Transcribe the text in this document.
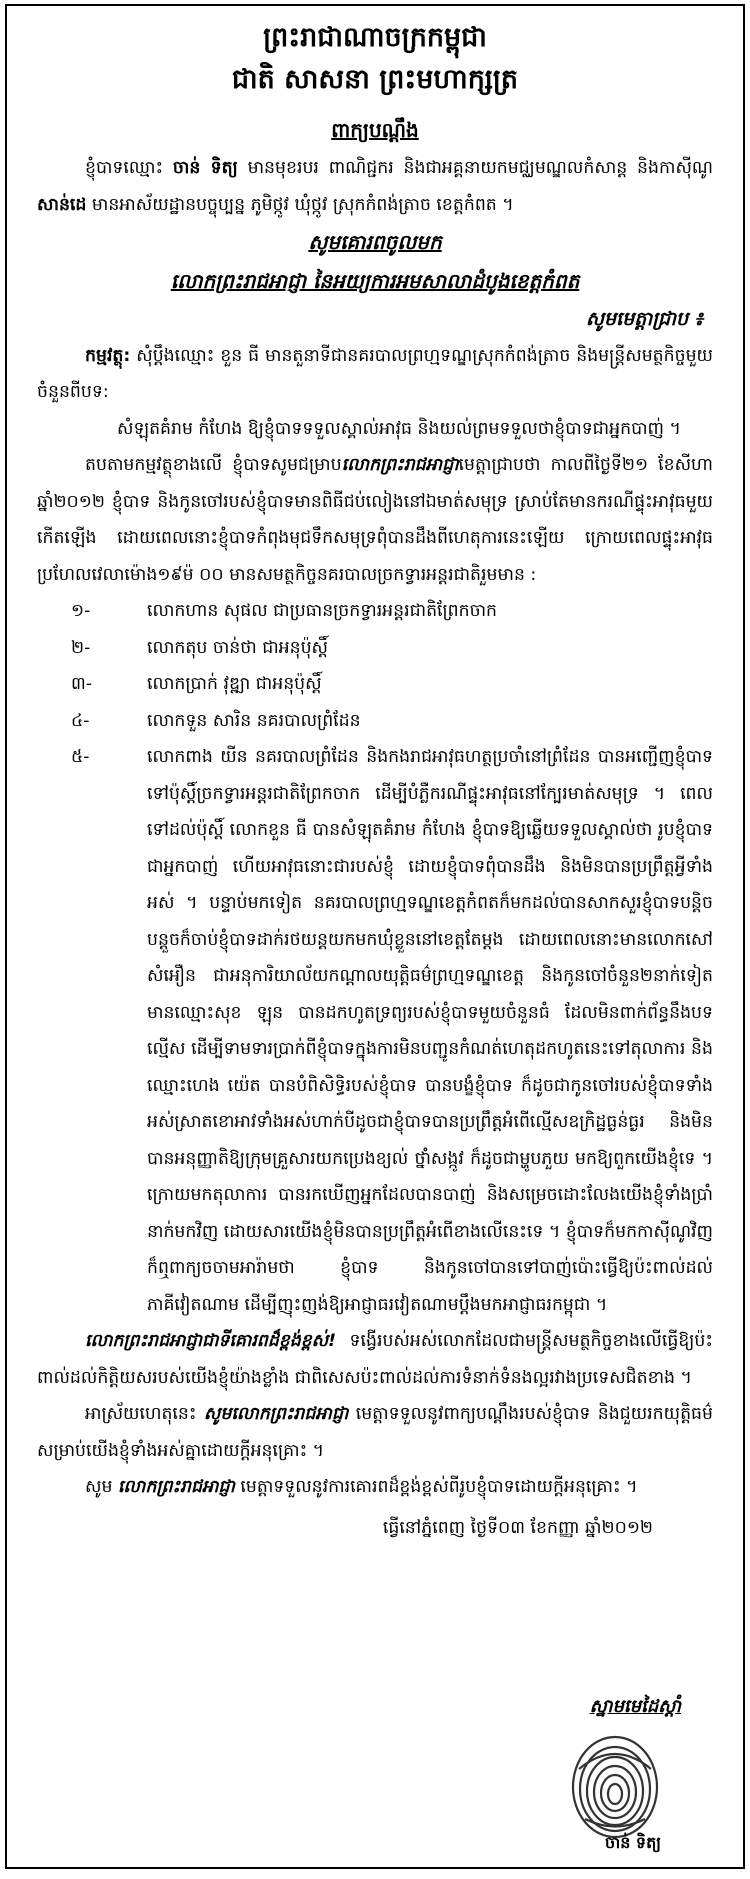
ព្រះរាជាណាចក្រកម្ពុជា
ជាតិ សាសនា ព្រះមហាក្សត្រ
ពាក្យបណ្តឹង

ខ្ញុំបាទឈ្មោះ ចាន់ ទិត្យ មានមុខរបរ ពាណិជ្ជករ និងជាអគ្គនាយកមជ្ឈមណ្ឌលកំសាន្ត និងកាស៊ីណូ សាន់ដេ មានអាស័យដ្ឋានបច្ចុប្បន្ន ភូមិថ្កូវ ឃុំថ្កូវ ស្រុកកំពង់ត្រាច ខេត្តកំពត ។

សូមគោរពចូលមក
លោកព្រះរាជអាជ្ញា នៃអយ្យការអមសាលាដំបូងខេត្តកំពត
សូមមេត្តាជ្រាប ៖

កម្មវត្ថុ: សុំប្តឹងឈ្មោះ ខួន ធី មានតួនាទីជានគរបាលព្រហ្មទណ្ឌស្រុកកំពង់ត្រាច និងមន្ត្រីសមត្ថកិច្ចមួយចំនួនពីបទ:

សំឡុតគំរាម កំហែង ឱ្យខ្ញុំបាទទទួលស្គាល់អាវុធ និងយល់ព្រមទទួលថាខ្ញុំបាទជាអ្នកបាញ់ ។

តបតាមកម្មវត្ថុខាងលើ ខ្ញុំបាទសូមជម្រាបលោកព្រះរាជអាជ្ញាមេត្តាជ្រាបថា កាលពីថ្ងៃទី២១ ខែសីហា ឆ្នាំ២០១២ ខ្ញុំបាទ និងកូនចៅរបស់ខ្ញុំបាទមានពិធីជប់លៀងនៅឯមាត់សមុទ្រ ស្រាប់តែមានករណីផ្ទុះអាវុធមួយកើតឡើង ដោយពេលនោះខ្ញុំបាទកំពុងមុជទឹកសមុទ្រពុំបានដឹងពីហេតុការនេះឡើយ ក្រោយពេលផ្ទុះអាវុធប្រហែលវេលាម៉ោង១៩ម៉ ០០ មានសមត្ថកិច្ចនគរបាលច្រកទ្វារអន្តរជាតិរួមមាន :

១-	លោកហាន សុផល ជាប្រធានច្រកទ្វារអន្តរជាតិព្រែកចាក
២-	លោកតុប ចាន់ថា ជាអនុប៉ុស្តិ៍
៣-	លោកប្រាក់ វុឌ្ឍា ជាអនុប៉ុស្តិ៍
៤-	លោកទួន សារិន នគរបាលព្រំដែន
៥-	លោកពាង យីន នគរបាលព្រំដែន និងកងរាជអាវុធហត្ថប្រចាំនៅព្រំដែន បានអញ្ជើញខ្ញុំបាទទៅប៉ុស្តិ៍ច្រកទ្វារអន្តរជាតិព្រែកចាក ដើម្បីបំភ្លឺករណីផ្ទុះអាវុធនៅក្បែរមាត់សមុទ្រ ។ ពេលទៅដល់ប៉ុស្តិ៍ លោកខួន ធី បានសំឡុតគំរាម កំហែង ខ្ញុំបាទឱ្យឆ្លើយទទួលស្គាល់ថា រូបខ្ញុំបាទជាអ្នកបាញ់ ហើយអាវុធនោះជារបស់ខ្ញុំ ដោយខ្ញុំបាទពុំបានដឹង និងមិនបានប្រព្រឹត្តអ្វីទាំងអស់ ។ បន្ទាប់មកទៀត នគរបាលព្រហ្មទណ្ឌខេត្តកំពតក៏មកដល់បានសាកសួរខ្ញុំបាទបន្តិចបន្តួចក៏ចាប់ខ្ញុំបាទដាក់រថយន្តយកមកឃុំខ្លួននៅខេត្តតែម្តង ដោយពេលនោះមានលោកសៅ សំអឿន ជាអនុការិយាល័យកណ្តាលយុត្តិធម៌ព្រហ្មទណ្ឌខេត្ត និងកូនចៅចំនួន២នាក់ទៀត មានឈ្មោះសុខ ឡុន បានដកហូតទ្រព្យរបស់ខ្ញុំបាទមួយចំនួនធំ ដែលមិនពាក់ព័ន្ធនឹងបទល្មើស ដើម្បីទាមទារប្រាក់ពីខ្ញុំបាទក្នុងការមិនបញ្ជូនកំណត់ហេតុដកហូតនេះទៅតុលាការ និងឈ្មោះហេង យ៉េត បានបំពិសិទ្ធិរបស់ខ្ញុំបាទ បានបង្ខំខ្ញុំបាទ ក៏ដូចជាកូនចៅរបស់ខ្ញុំបាទទាំងអស់ស្រាតខោអាវទាំងអស់ហាក់បីដូចជាខ្ញុំបាទបានប្រព្រឹត្តអំពើល្មើសឧក្រិដ្ឋធ្ងន់ធ្ងរ និងមិនបានអនុញ្ញាតិឱ្យក្រុមគ្រួសារយកប្រេងខ្យល់ ថ្នាំសង្កូវ ក៏ដូចជាម្ហូបភួយ មកឱ្យពួកយើងខ្ញុំទេ ។ ក្រោយមកតុលាការ បានរកឃើញអ្នកដែលបានបាញ់ និងសម្រេចដោះលែងយើងខ្ញុំទាំងប្រាំនាក់មកវិញ ដោយសារយើងខ្ញុំមិនបានប្រព្រឹត្តអំពើខាងលើនេះទេ ។ ខ្ញុំបាទក៏មកកាស៊ីណូវិញ ក៏ឮពាក្យចចាមអារ៉ាមថា ខ្ញុំបាទ និងកូនចៅបានទៅបាញ់ប៉ោះធ្វើឱ្យប៉ះពាល់ដល់ភាគីវៀតណាម ដើម្បីញុះញង់ឱ្យអាជ្ញាធរវៀតណាមប្តឹងមកអាជ្ញាធរកម្ពុជា ។

លោកព្រះរាជអាជ្ញាជាទីគោរពដ៏ខ្ពង់ខ្ពស់! ទង្វើរបស់អស់លោកដែលជាមន្ត្រីសមត្ថកិច្ចខាងលើធ្វើឱ្យប៉ះពាល់ដល់កិត្តិយសរបស់យើងខ្ញុំយ៉ាងខ្លាំង ជាពិសេសប៉ះពាល់ដល់ការទំនាក់ទំនងល្អរវាងប្រទេសជិតខាង ។

អាស្រ័យហេតុនេះ សូមលោកព្រះរាជអាជ្ញា មេត្តាទទួលនូវពាក្យបណ្តឹងរបស់ខ្ញុំបាទ និងជួយរកយុត្តិធម៌សម្រាប់យើងខ្ញុំទាំងអស់គ្នាដោយក្តីអនុគ្រោះ ។

សូម លោកព្រះរាជអាជ្ញា មេត្តាទទួលនូវការគោរពដ៏ខ្ពង់ខ្ពស់ពីរូបខ្ញុំបាទដោយក្តីអនុគ្រោះ ។

ធ្វើនៅភ្នំពេញ ថ្ងៃទី០៣ ខែកញ្ញា ឆ្នាំ២០១២
ស្នាមមេដៃស្តាំ
ចាន់ ទិត្យ
